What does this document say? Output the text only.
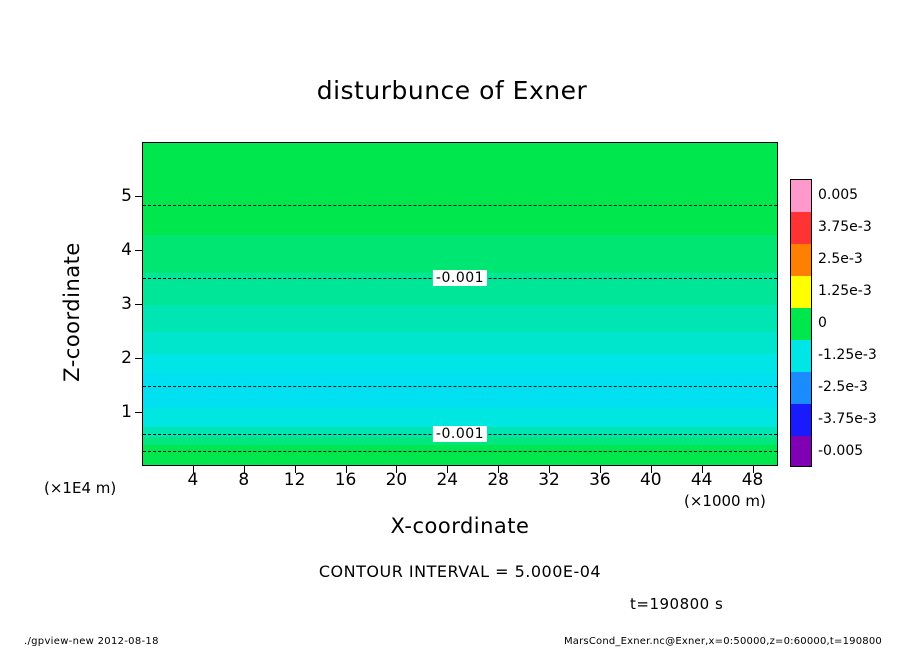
disturbunce of Exner
-0.001
-0.001
Z-coordinate
X-coordinate
(×1E4 m)
(×1000 m)
CONTOUR INTERVAL = 5.000E-04
t=190800 s
./gpview-new 2012-08-18	MarsCond_Exner.nc@Exner,x=0:50000,z=0:60000,t=190800
4 8 12 16 20 24 28 32 36 40 44 48
1
2
3
4
5	0.005
3.75e-3
2.5e-3
1.25e-3
0
-1.25e-3
-2.5e-3
-3.75e-3
-0.005
